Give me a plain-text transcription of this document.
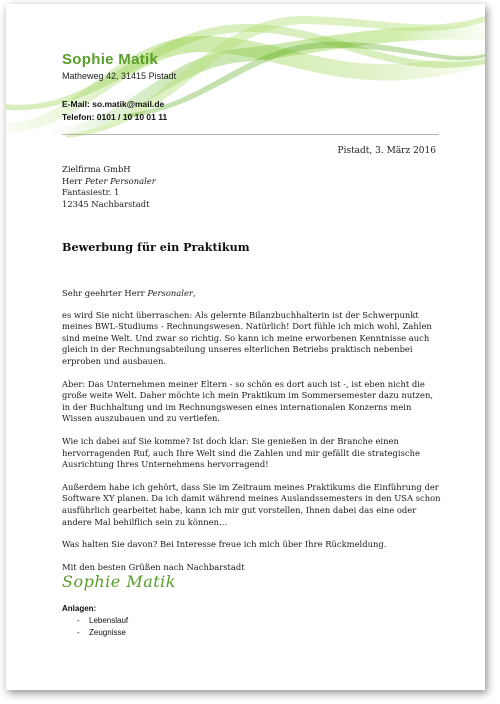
Sophie Matik
Matheweg 42, 31415 Pistadt
E-Mail: so.matik@mail.de
Telefon: 0101 / 10 10 01 11
Pistadt, 3. März 2016
Zielfirma GmbH
Herr Peter Personaler
Fantasiestr. 1
12345 Nachbarstadt
Bewerbung für ein Praktikum

Sehr geehrter Herr Personaler,

es wird Sie nicht überraschen: Als gelernte Bilanzbuchhalterin ist der Schwerpunkt meines BWL-Studiums - Rechnungswesen. Natürlich! Dort fühle ich mich wohl, Zahlen sind meine Welt. Und zwar so richtig. So kann ich meine erworbenen Kenntnisse auch gleich in der Rechnungsabteilung unseres elterlichen Betriebs praktisch nebenbei erproben und ausbauen.

Aber: Das Unternehmen meiner Eltern - so schön es dort auch ist -, ist eben nicht die große weite Welt. Daher möchte ich mein Praktikum im Sommersemester dazu nutzen, in der Buchhaltung und im Rechnungswesen eines internationalen Konzerns mein Wissen auszubauen und zu vertiefen.

Wie ich dabei auf Sie komme? Ist doch klar: Sie genießen in der Branche einen hervorragenden Ruf, auch Ihre Welt sind die Zahlen und mir gefällt die strategische Ausrichtung Ihres Unternehmens hervorragend!

Außerdem habe ich gehört, dass Sie im Zeitraum meines Praktikums die Einführung der Software XY planen. Da ich damit während meines Auslandssemesters in den USA schon ausführlich gearbeitet habe, kann ich mir gut vorstellen, Ihnen dabei das eine oder andere Mal behilflich sein zu können…

Was halten Sie davon? Bei Interesse freue ich mich über Ihre Rückmeldung.

Mit den besten Grüßen nach Nachbarstadt

Sophie Matik
Anlagen:
- Lebenslauf
- Zeugnisse
